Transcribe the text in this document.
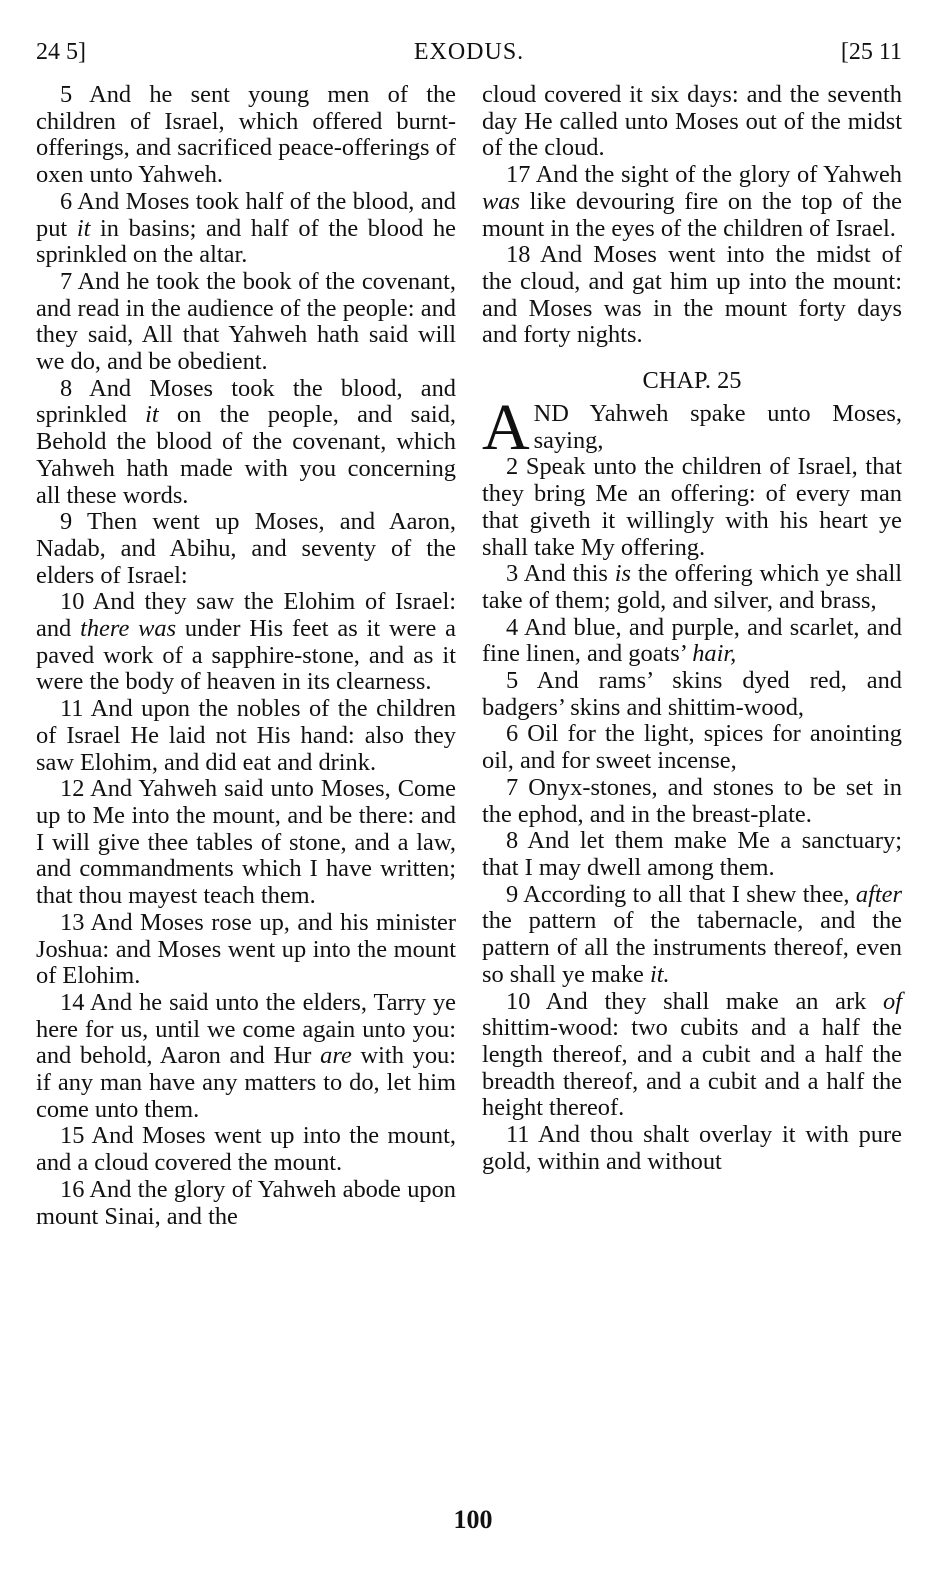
24 5]	EXODUS.	[25 11

5 And he sent young men of the children of Israel, which offered burnt-offerings, and sacrificed peace-offerings of oxen unto Yahweh.

6 And Moses took half of the blood, and put it in basins; and half of the blood he sprinkled on the altar.

7 And he took the book of the covenant, and read in the audience of the people: and they said, All that Yahweh hath said will we do, and be obedient.

8 And Moses took the blood, and sprinkled it on the people, and said, Behold the blood of the covenant, which Yahweh hath made with you concerning all these words.

9 Then went up Moses, and Aaron, Nadab, and Abihu, and seventy of the elders of Israel:

10 And they saw the Elohim of Israel: and there was under His feet as it were a paved work of a sapphire-stone, and as it were the body of heaven in its clearness.

11 And upon the nobles of the children of Israel He laid not His hand: also they saw Elohim, and did eat and drink.

12 And Yahweh said unto Moses, Come up to Me into the mount, and be there: and I will give thee tables of stone, and a law, and commandments which I have written; that thou mayest teach them.

13 And Moses rose up, and his minister Joshua: and Moses went up into the mount of Elohim.

14 And he said unto the elders, Tarry ye here for us, until we come again unto you: and behold, Aaron and Hur are with you: if any man have any matters to do, let him come unto them.

15 And Moses went up into the mount, and a cloud covered the mount.

16 And the glory of Yahweh abode upon mount Sinai, and the

cloud covered it six days: and the seventh day He called unto Moses out of the midst of the cloud.

17 And the sight of the glory of Yahweh was like devouring fire on the top of the mount in the eyes of the children of Israel.

18 And Moses went into the midst of the cloud, and gat him up into the mount: and Moses was in the mount forty days and forty nights.

CHAP. 25

AND Yahweh spake unto Moses, saying,

2 Speak unto the children of Israel, that they bring Me an offering: of every man that giveth it willingly with his heart ye shall take My offering.

3 And this is the offering which ye shall take of them; gold, and silver, and brass,

4 And blue, and purple, and scarlet, and fine linen, and goats’ hair,

5 And rams’ skins dyed red, and badgers’ skins and shittim-wood,

6 Oil for the light, spices for anointing oil, and for sweet incense,

7 Onyx-stones, and stones to be set in the ephod, and in the breast-plate.

8 And let them make Me a sanctuary; that I may dwell among them.

9 According to all that I shew thee, after the pattern of the tabernacle, and the pattern of all the instruments thereof, even so shall ye make it.

10 And they shall make an ark of shittim-wood: two cubits and a half the length thereof, and a cubit and a half the breadth thereof, and a cubit and a half the height thereof.

11 And thou shalt overlay it with pure gold, within and without

100
